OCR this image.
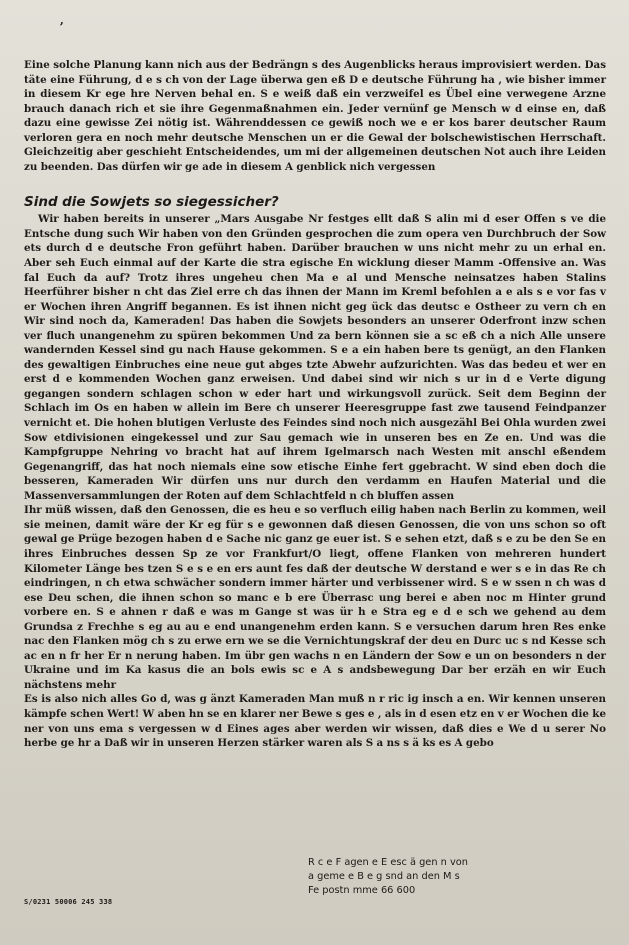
,

Eine solche Planung kann nich aus der Bedrängn s des Augenblicks heraus improvisiert werden. Das täte eine Führung, d e s ch von der Lage überwa gen eß D e deutsche Führung ha , wie bisher immer in diesem Kr ege hre Nerven behal en. S e weiß daß ein verzweifel es Übel eine verwegene Arzne brauch danach rich et sie ihre Gegenmaßnahmen ein. Jeder vernünf ge Mensch w d einse en, daß dazu eine gewisse Zei nötig ist. Währenddessen ce gewiß noch we e er kos barer deutscher Raum verloren gera en noch mehr deutsche Menschen un er die Gewal der bolschewistischen Herrschaft. Gleichzeitig aber geschieht Entscheidendes, um mi der allgemeinen deutschen Not auch ihre Leiden zu beenden. Das dürfen wir ge ade in diesem A genblick nich vergessen

Sind die Sowjets so siegessicher?

Wir haben bereits in unserer „Mars Ausgabe Nr festges ellt daß S alin mi d eser Offen s ve die Entsche dung such Wir haben von den Gründen gesprochen die zum opera ven Durchbruch der Sow ets durch d e deutsche Fron geführt haben. Darüber brauchen w uns nicht mehr zu un erhal en. Aber seh Euch einmal auf der Karte die stra egische En wicklung dieser Mamm -Offensive an. Was fal Euch da auf? Trotz ihres ungeheu chen Ma e al und Mensche neinsatzes haben Stalins Heerführer bisher n cht das Ziel erre ch das ihnen der Mann im Kreml befohlen a e als s e vor fas v er Wochen ihren Angriff begannen. Es ist ihnen nicht geg ück das deutsc e Ostheer zu vern ch en Wir sind noch da, Kameraden! Das haben die Sowjets besonders an unserer Oderfront inzw schen ver fluch unangenehm zu spüren bekommen Und za bern können sie a sc eß ch a nich Alle unsere wandernden Kessel sind gu nach Hause gekommen. S e a ein haben bere ts genügt, an den Flanken des gewaltigen Einbruches eine neue gut abges tzte Abwehr aufzurichten. Was das bedeu et wer en erst d e kommenden Wochen ganz erweisen. Und dabei sind wir nich s ur in d e Verte digung gegangen sondern schlagen schon w eder hart und wirkungsvoll zurück. Seit dem Beginn der Schlach im Os en haben w allein im Bere ch unserer Heeresgruppe fast zwe tausend Feindpanzer vernicht et. Die hohen blutigen Verluste des Feindes sind noch nich ausgezähl Bei Ohla wurden zwei Sow etdivisionen eingekessel und zur Sau gemach wie in unseren bes en Ze en. Und was die Kampfgruppe Nehring vo bracht hat auf ihrem Igelmarsch nach Westen mit anschl eßendem Gegenangriff, das hat noch niemals eine sow etische Einhe fert ggebracht. W sind eben doch die besseren, Kameraden Wir dürfen uns nur durch den verdamm en Haufen Material und die Massenversammlungen der Roten auf dem Schlachtfeld n ch bluffen assen

Ihr müß wissen, daß den Genossen, die es heu e so verfluch eilig haben nach Berlin zu kommen, weil sie meinen, damit wäre der Kr eg für s e gewonnen daß diesen Genossen, die von uns schon so oft gewal ge Prüge bezogen haben d e Sache nic ganz ge euer ist. S e sehen etzt, daß s e zu be den Se en ihres Einbruches dessen Sp ze vor Frankfurt/O liegt, offene Flanken von mehreren hundert Kilometer Länge bes tzen S e s e en ers aunt fes daß der deutsche W derstand e wer s e in das Re ch eindringen, n ch etwa schwächer sondern immer härter und verbissener wird. S e w ssen n ch was d ese Deu schen, die ihnen schon so manc e b ere Überrasc ung berei e aben noc m Hinter grund vorbere en. S e ahnen r daß e was m Gange st was ür h e Stra eg e d e sch we gehend au dem Grundsa z Frechhe s eg au au e end unangenehm erden kann. S e versuchen darum hren Res enke nac den Flanken mög ch s zu erwe ern we se die Vernichtungskraf der deu en Durc uc s nd Kesse sch ac en n fr her Er n nerung haben. Im übr gen wachs n en Ländern der Sow e un on besonders n der Ukraine und im Ka kasus die an bols ewis sc e A s andsbewegung Dar ber erzäh en wir Euch nächstens mehr

Es is also nich alles Go d, was g änzt Kameraden Man muß n r ric ig insch a en. Wir kennen unseren kämpfe schen Wert! W aben hn se en klarer ner Bewe s ges e , als in d esen etz en v er Wochen die ke ner von uns ema s vergessen w d Eines ages aber werden wir wissen, daß dies e We d u serer No herbe ge hr a Daß wir in unseren Herzen stärker waren als S a ns s ä ks es A gebo

R c e F agen e E esc ä gen n von

a geme e B e g snd an den M s

Fe postn mme 66 600

S/0231 50006 245 338
